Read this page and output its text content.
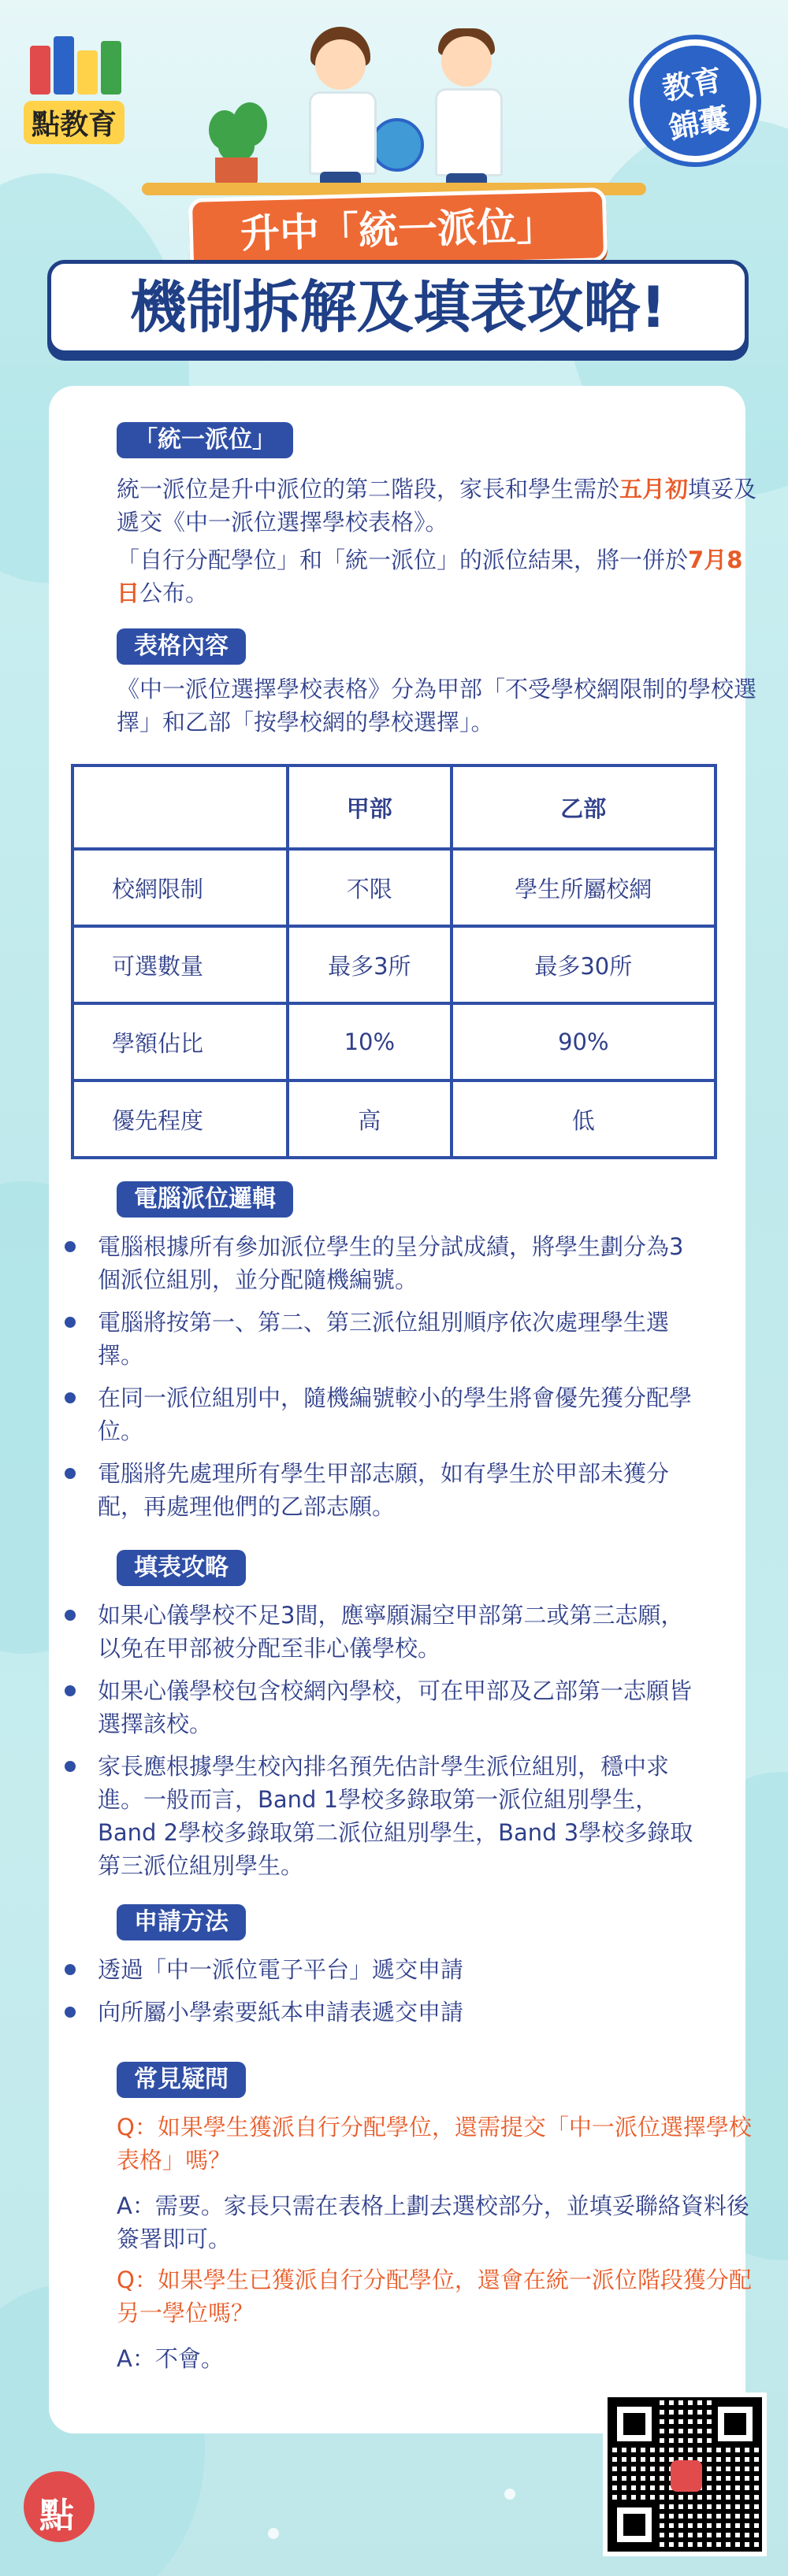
點教育
教育
錦囊
升中「統一派位」
機制拆解及填表攻略!
「統一派位」
統一派位是升中派位的第二階段，家長和學生需於五月初填妥及遞交《中一派位選擇學校表格》。
「自行分配學位」和「統一派位」的派位結果，將一併於7月8日公布。
表格內容
《中一派位選擇學校表格》分為甲部「不受學校網限制的學校選擇」和乙部「按學校網的學校選擇」。
	甲部	乙部
校網限制	不限	學生所屬校網
可選數量	最多3所	最多30所
學額佔比	10%	90%
優先程度	高	低
電腦派位邏輯
電腦根據所有參加派位學生的呈分試成績，將學生劃分為3個派位組別，並分配隨機編號。
電腦將按第一、第二、第三派位組別順序依次處理學生選擇。
在同一派位組別中，隨機編號較小的學生將會優先獲分配學位。
電腦將先處理所有學生甲部志願，如有學生於甲部未獲分配，再處理他們的乙部志願。
填表攻略
如果心儀學校不足3間，應寧願漏空甲部第二或第三志願，以免在甲部被分配至非心儀學校。
如果心儀學校包含校網內學校，可在甲部及乙部第一志願皆選擇該校。
家長應根據學生校內排名預先估計學生派位組別，穩中求進。一般而言，Band 1學校多錄取第一派位組別學生，Band 2學校多錄取第二派位組別學生，Band 3學校多錄取第三派位組別學生。
申請方法
透過「中一派位電子平台」遞交申請
向所屬小學索要紙本申請表遞交申請
常見疑問
Q：如果學生獲派自行分配學位，還需提交「中一派位選擇學校表格」嗎？
A：需要。家長只需在表格上劃去選校部分，並填妥聯絡資料後簽署即可。
Q：如果學生已獲派自行分配學位，還會在統一派位階段獲分配另一學位嗎？
A：不會。
點
